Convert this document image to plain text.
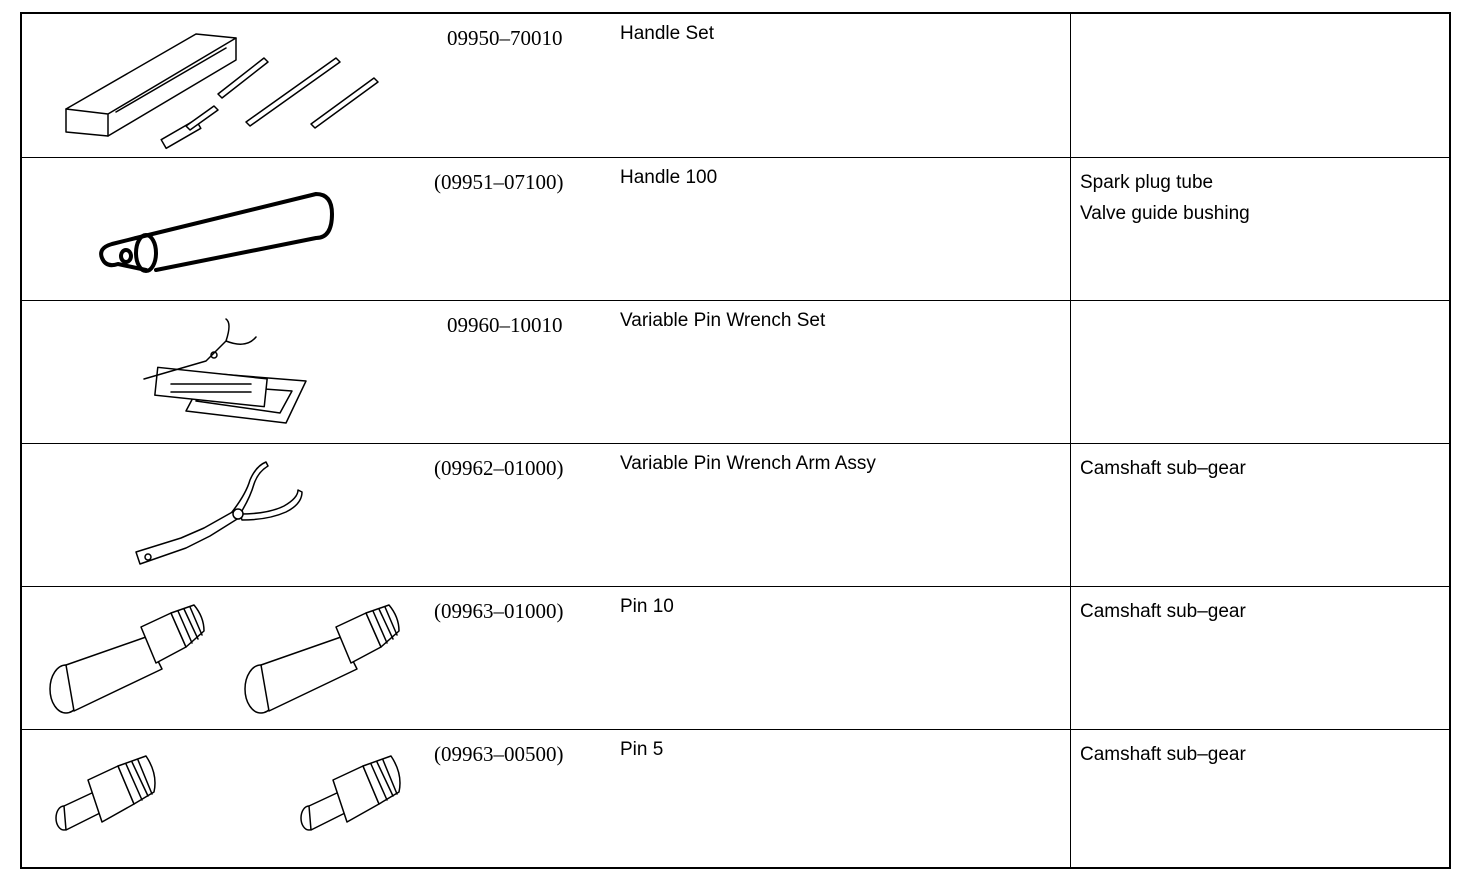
09950–70010	Handle Set
(09951–07100)	Handle 100	Spark plug tube
Valve guide bushing
09960–10010	Variable Pin Wrench Set
(09962–01000)	Variable Pin Wrench Arm Assy	Camshaft sub–gear
(09963–01000)	Pin 10	Camshaft sub–gear
(09963–00500)	Pin 5	Camshaft sub–gear
